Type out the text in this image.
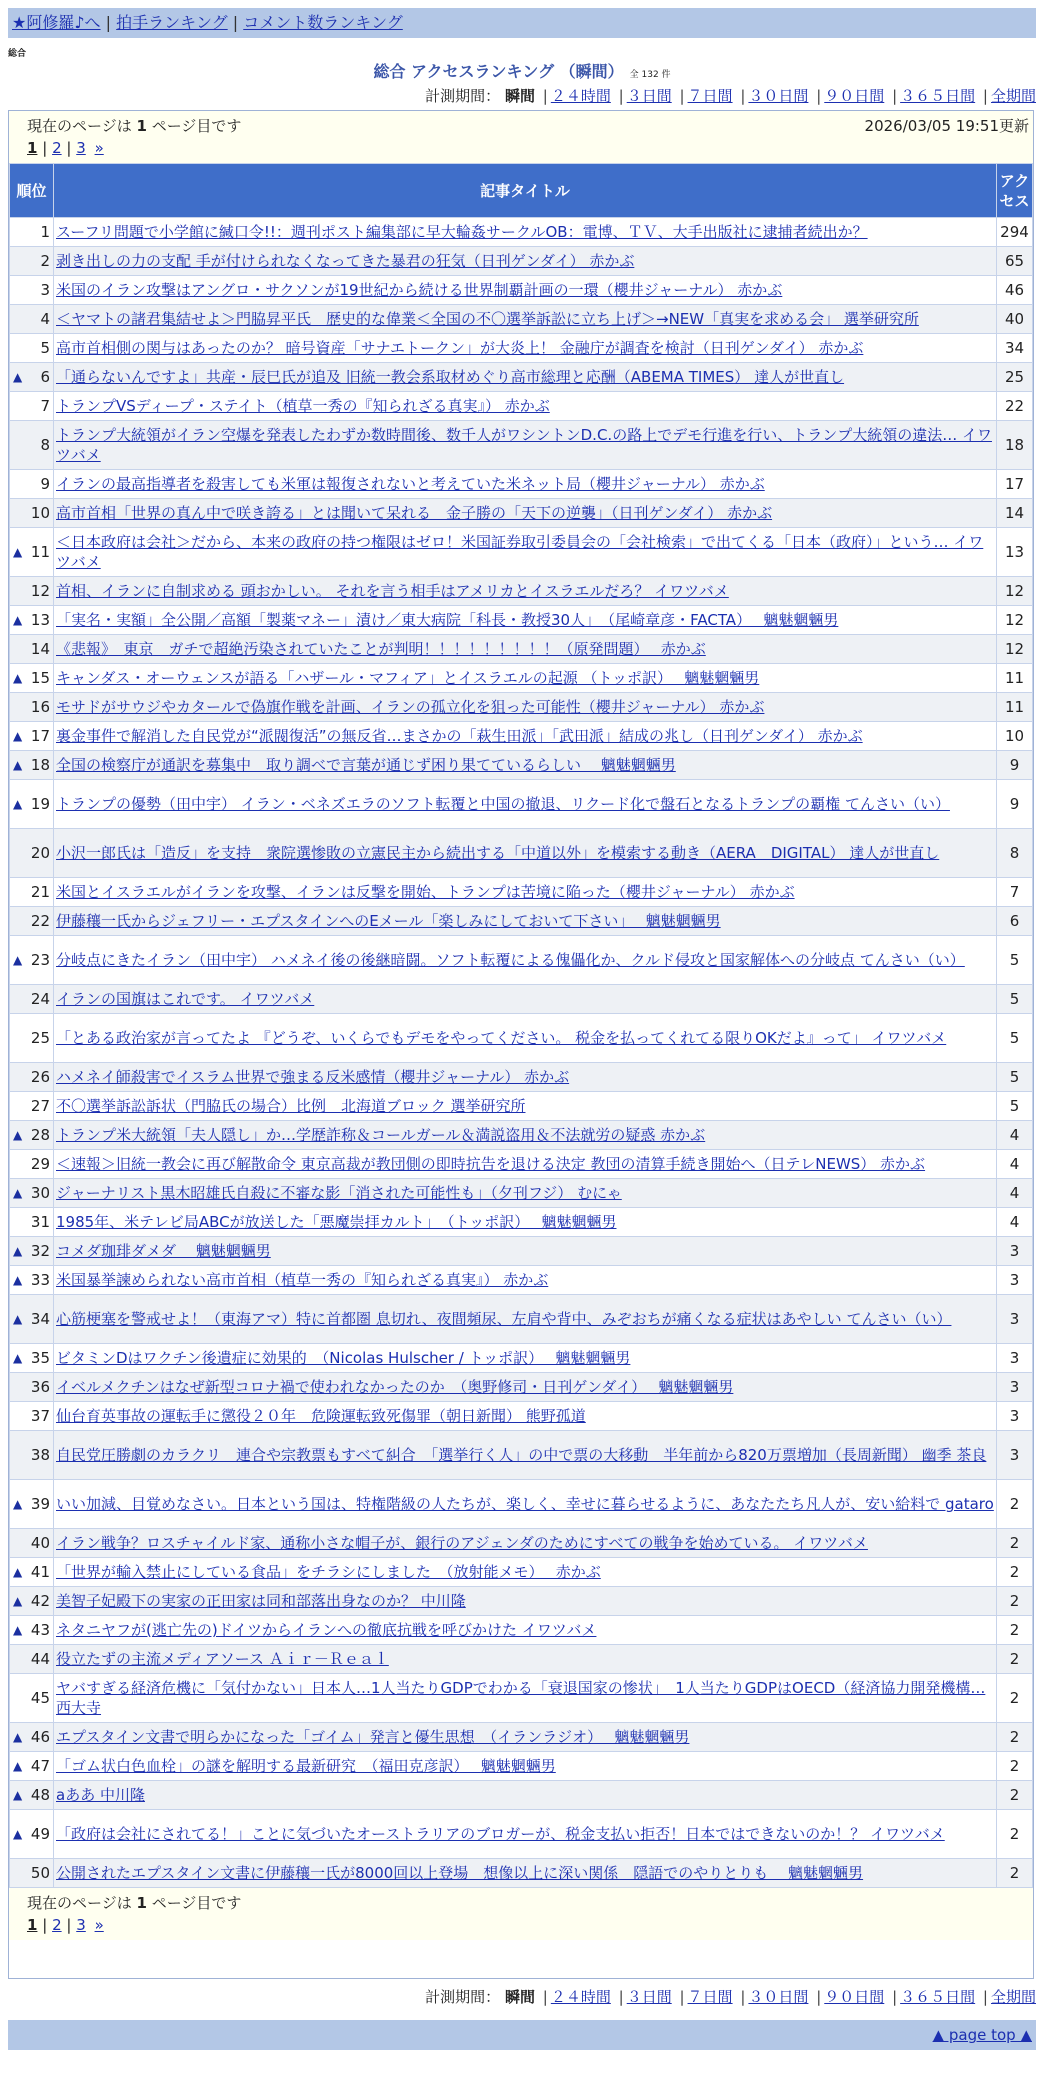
★阿修羅♪へ | 拍手ランキング | コメント数ランキング
総合
総合 アクセスランキング （瞬間） 全 132 件
計測期間： 瞬間 | ２４時間 | ３日間 | ７日間 | ３０日間 | ９０日間 | ３６５日間 | 全期間
現在のページは 1 ページ目です	2026/03/05 19:51更新
1 | 2 | 3 »
順位	記事タイトル	アクセス
1	スーフリ問題で小学館に緘口令!!：週刊ポスト編集部に早大輪姦サークルOB：電博、ＴＶ、大手出版社に逮捕者続出か？	294
2	剥き出しの力の支配 手が付けられなくなってきた暴君の狂気（日刊ゲンダイ） 赤かぶ	65
3	米国のイラン攻撃はアングロ・サクソンが19世紀から続ける世界制覇計画の一環（櫻井ジャーナル） 赤かぶ	46
4	＜ヤマトの諸君集結せよ＞門脇昇平氏　歴史的な偉業＜全国の不〇選挙訴訟に立ち上げ＞→NEW「真実を求める会」 選挙研究所	40
5	高市首相側の関与はあったのか？ 暗号資産「サナエトークン」が大炎上！ 金融庁が調査を検討（日刊ゲンダイ） 赤かぶ	34

▲ 6	「通らないんですよ」共産・辰巳氏が追及 旧統一教会系取材めぐり高市総理と応酬（ABEMA TIMES） 達人が世直し	25
7	トランプVSディープ・ステイト（植草一秀の『知られざる真実』） 赤かぶ	22
8	トランプ大統領がイラン空爆を発表したわずか数時間後、数千人がワシントンD.C.の路上でデモ行進を行い、トランプ大統領の違法… イワツバメ	18
9	イランの最高指導者を殺害しても米軍は報復されないと考えていた米ネット局（櫻井ジャーナル） 赤かぶ	17
10	高市首相「世界の真ん中で咲き誇る」とは聞いて呆れる　金子勝の「天下の逆襲」（日刊ゲンダイ） 赤かぶ	14

▲ 11	＜日本政府は会社＞だから、本来の政府の持つ権限はゼロ！米国証券取引委員会の「会社検索」で出てくる「日本（政府）」という… イワツバメ	13
12	首相、イランに自制求める 頭おかしい。 それを言う相手はアメリカとイスラエルだろ？ イワツバメ	12

▲ 13	「実名・実額」全公開／高額「製薬マネー」漬け／東大病院「科長・教授30人」　（尾崎章彦・FACTA）　 魑魅魍魎男	12
14	《悲報》　東京　ガチで超絶汚染されていたことが判明！！！！！！！！！（原発問題）　 赤かぶ	12

▲ 15	キャンダス・オーウェンスが語る「ハザール・マフィア」とイスラエルの起源 （トッポ訳）　 魑魅魍魎男	11
16	モサドがサウジやカタールで偽旗作戦を計画、イランの孤立化を狙った可能性（櫻井ジャーナル） 赤かぶ	11

▲ 17	裏金事件で解消した自民党が“派閥復活”の無反省…まさかの「萩生田派」「武田派」結成の兆し（日刊ゲンダイ） 赤かぶ	10

▲ 18	全国の検察庁が通訳を募集中　取り調べで言葉が通じず困り果てているらしい　 魑魅魍魎男	9

▲ 19	トランプの優勢（田中宇） イラン・ベネズエラのソフト転覆と中国の撤退、リクード化で盤石となるトランプの覇権 てんさい（い）	9
20	小沢一郎氏は「造反」を支持　衆院選惨敗の立憲民主から続出する「中道以外」を模索する動き（AERA　DIGITAL） 達人が世直し	8
21	米国とイスラエルがイランを攻撃、イランは反撃を開始、トランプは苦境に陥った（櫻井ジャーナル） 赤かぶ	7
22	伊藤穰一氏からジェフリー・エプスタインへのEメール「楽しみにしておいて下さい」　 魑魅魍魎男	6

▲ 23	分岐点にきたイラン（田中宇） ハメネイ後の後継暗闘。ソフト転覆による傀儡化か、クルド侵攻と国家解体への分岐点 てんさい（い）	5
24	イランの国旗はこれです。 イワツバメ	5
25	「とある政治家が言ってたよ 『どうぞ、いくらでもデモをやってください。 税金を払ってくれてる限りOKだよ』って」 イワツバメ	5
26	ハメネイ師殺害でイスラム世界で強まる反米感情（櫻井ジャーナル） 赤かぶ	5
27	不〇選挙訴訟訴状（門脇氏の場合）比例　北海道ブロック 選挙研究所	5

▲ 28	トランプ米大統領「夫人隠し」か…学歴詐称＆コールガール＆満説盗用＆不法就労の疑惑 赤かぶ	4
29	＜速報＞旧統一教会に再び解散命令 東京高裁が教団側の即時抗告を退ける決定 教団の清算手続き開始へ（日テレNEWS） 赤かぶ	4

▲ 30	ジャーナリスト黒木昭雄氏自殺に不審な影「消された可能性も」（夕刊フジ） むにゃ	4
31	1985年、米テレビ局ABCが放送した「悪魔崇拝カルト」　（トッポ訳）　 魑魅魍魎男	4

▲ 32	コメダ珈琲ダメダ　 魑魅魍魎男	3

▲ 33	米国暴挙諫められない高市首相（植草一秀の『知られざる真実』） 赤かぶ	3

▲ 34	心筋梗塞を警戒せよ！（東海アマ）特に首都圏 息切れ、夜間頻尿、左肩や背中、みぞおちが痛くなる症状はあやしい てんさい（い）	3

▲ 35	ビタミンDはワクチン後遺症に効果的　（Nicolas Hulscher / トッポ訳）　 魑魅魍魎男	3
36	イベルメクチンはなぜ新型コロナ禍で使われなかったのか　（奥野修司・日刊ゲンダイ）　 魑魅魍魎男	3
37	仙台育英事故の運転手に懲役２０年　危険運転致死傷罪（朝日新聞） 熊野孤道	3
38	自民党圧勝劇のカラクリ　連合や宗教票もすべて糾合　「選挙行く人」の中で票の大移動　半年前から820万票増加（長周新聞） 幽季 茶良	3

▲ 39	いい加減、目覚めなさい。日本という国は、特権階級の人たちが、楽しく、幸せに暮らせるように、あなたたち凡人が、安い給料で gataro	2
40	イラン戦争？ロスチャイルド家、通称小さな帽子が、銀行のアジェンダのためにすべての戦争を始めている。 イワツバメ	2

▲ 41	「世界が輸入禁止にしている食品」をチラシにしました　（放射能メモ）　 赤かぶ	2

▲ 42	美智子妃殿下の実家の正田家は同和部落出身なのか？ 中川隆	2

▲ 43	ネタニヤフが(逃亡先の)ドイツからイランへの徹底抗戦を呼びかけた イワツバメ	2
44	役立たずの主流メディアソース Ａｉｒ－Ｒｅａｌ	2
45	ヤバすぎる経済危機に「気付かない」日本人…1人当たりGDPでわかる「衰退国家の惨状」　1人当たりGDPはOECD（経済協力開発機構… 西大寺	2

▲ 46	エプスタイン文書で明らかになった「ゴイム」発言と優生思想　（イランラジオ）　 魑魅魍魎男	2

▲ 47	「ゴム状白色血栓」の謎を解明する最新研究　（福田克彦訳）　 魑魅魍魎男	2

▲ 48	aああ 中川隆	2

▲ 49	「政府は会社にされてる！」ことに気づいたオーストラリアのブロガーが、税金支払い拒否！日本ではできないのか！？ イワツバメ	2
50	公開されたエプスタイン文書に伊藤穰一氏が8000回以上登場　想像以上に深い関係　隠語でのやりとりも　 魑魅魍魎男	2
現在のページは 1 ページ目です
1 | 2 | 3 »
計測期間： 瞬間 | ２４時間 | ３日間 | ７日間 | ３０日間 | ９０日間 | ３６５日間 | 全期間
▲ page top ▲
